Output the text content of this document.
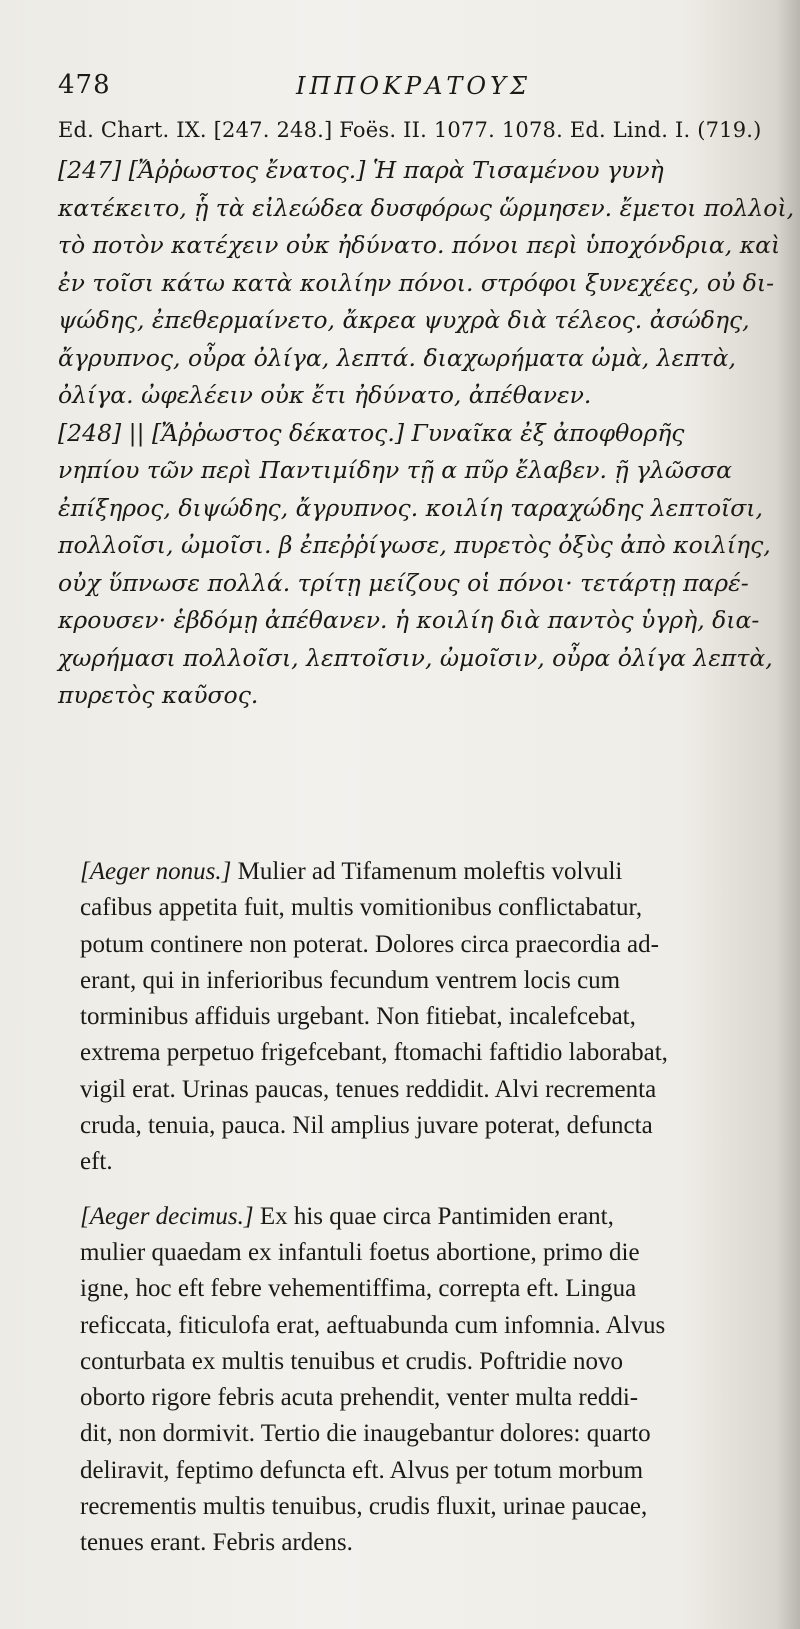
478	ΙΠΠΟΚΡΑΤΟΥΣ
Ed. Chart. IX. [247. 248.] Foës. II. 1077. 1078. Ed. Lind. I. (719.)
[247] [Ἄῤῥωστος ἔνατος.] Ἡ παρὰ Τισαμένου γυνὴ
κατέκειτο, ᾗ τὰ εἰλεώδεα δυσφόρως ὥρμησεν. ἔμετοι πολλοὶ,
τὸ ποτὸν κατέχειν οὐκ ἠδύνατο. πόνοι περὶ ὑποχόνδρια, καὶ
ἐν τοῖσι κάτω κατὰ κοιλίην πόνοι. στρόφοι ξυνεχέες, οὐ δι-
ψώδης, ἐπεθερμαίνετο, ἄκρεα ψυχρὰ διὰ τέλεος. ἀσώδης,
ἄγρυπνος, οὖρα ὀλίγα, λεπτά. διαχωρήματα ὠμὰ, λεπτὰ,
ὀλίγα. ὠφελέειν οὐκ ἔτι ἠδύνατο, ἀπέθανεν.
[248] || [Ἄῤῥωστος δέκατος.] Γυναῖκα ἐξ ἀποφθορῆς
νηπίου τῶν περὶ Παντιμίδην τῇ α πῦρ ἔλαβεν. ῇ γλῶσσα
ἐπίξηρος, διψώδης, ἄγρυπνος. κοιλίη ταραχώδης λεπτοῖσι,
πολλοῖσι, ὠμοῖσι. β ἐπεῤῥίγωσε, πυρετὸς ὀξὺς ἀπὸ κοιλίης,
οὐχ ὕπνωσε πολλά. τρίτῃ μείζους οἱ πόνοι· τετάρτῃ παρέ-
κρουσεν· ἑβδόμῃ ἀπέθανεν. ἡ κοιλίη διὰ παντὸς ὑγρὴ, δια-
χωρήμασι πολλοῖσι, λεπτοῖσιν, ὠμοῖσιν, οὖρα ὀλίγα λεπτὰ,
πυρετὸς καῦσος.
[Aeger nonus.] Mulier ad Tifamenum moleftis volvuli
cafibus appetita fuit, multis vomitionibus conflictabatur,
potum continere non poterat. Dolores circa praecordia ad-
erant, qui in inferioribus fecundum ventrem locis cum
torminibus affiduis urgebant. Non fitiebat, incalefcebat,
extrema perpetuo frigefcebant, ftomachi faftidio laborabat,
vigil erat. Urinas paucas, tenues reddidit. Alvi recrementa
cruda, tenuia, pauca. Nil amplius juvare poterat, defuncta
eft.
[Aeger decimus.] Ex his quae circa Pantimiden erant,
mulier quaedam ex infantuli foetus abortione, primo die
igne, hoc eft febre vehementiffima, correpta eft. Lingua
reficcata, fiticulofa erat, aeftuabunda cum infomnia. Alvus
conturbata ex multis tenuibus et crudis. Poftridie novo
oborto rigore febris acuta prehendit, venter multa reddi-
dit, non dormivit. Tertio die inaugebantur dolores: quarto
deliravit, feptimo defuncta eft. Alvus per totum morbum
recrementis multis tenuibus, crudis fluxit, urinae paucae,
tenues erant. Febris ardens.
